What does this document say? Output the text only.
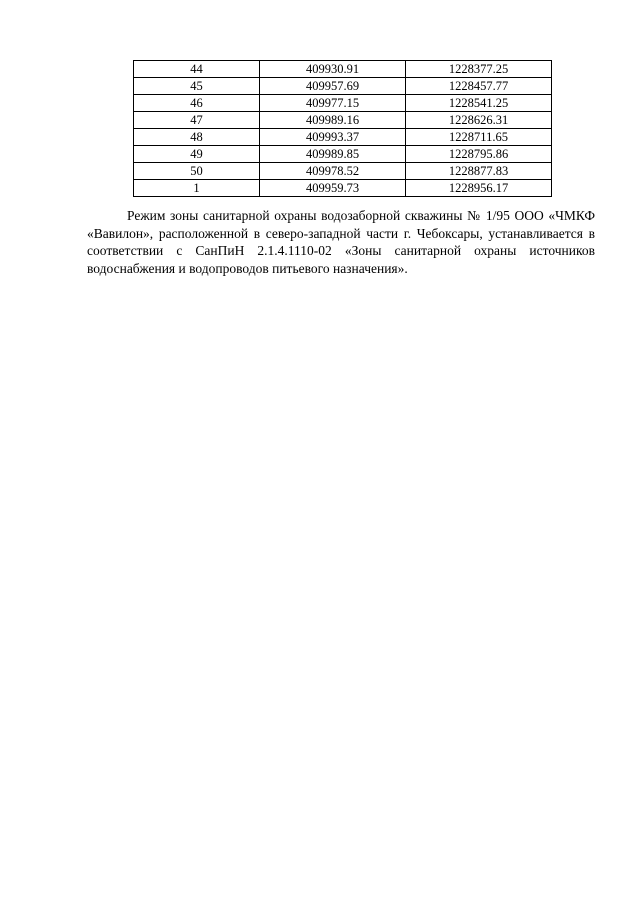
44	409930.91	1228377.25
45	409957.69	1228457.77
46	409977.15	1228541.25
47	409989.16	1228626.31
48	409993.37	1228711.65
49	409989.85	1228795.86
50	409978.52	1228877.83
1	409959.73	1228956.17

Режим зоны санитарной охраны водозаборной скважины № 1/95 ООО «ЧМКФ «Вавилон», расположенной в северо-западной части г. Чебоксары, устанавливается в соответствии с СанПиН 2.1.4.1110-02 «Зоны санитарной охраны источников водоснабжения и водопроводов питьевого назначения».
